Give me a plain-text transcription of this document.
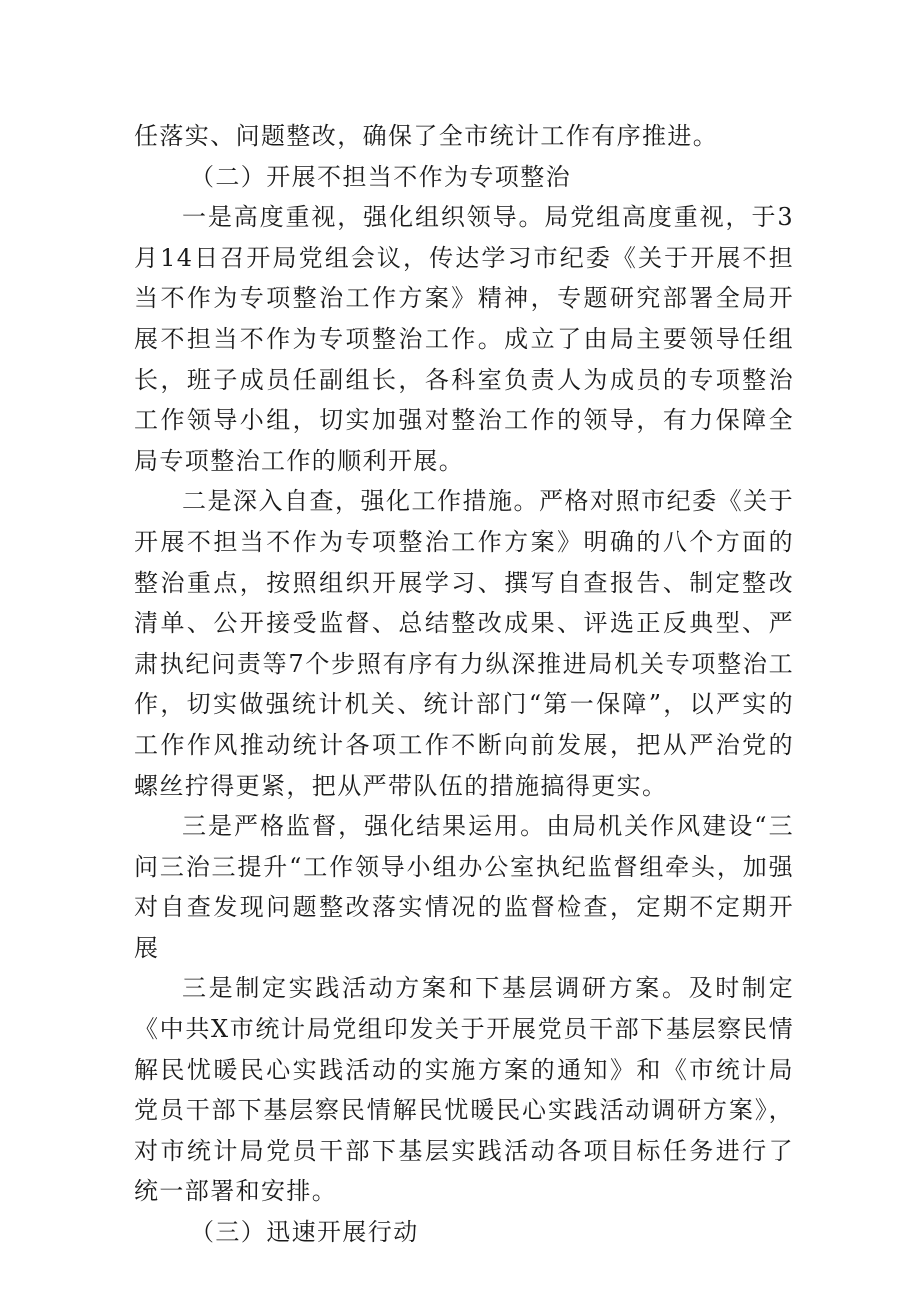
任落实、问题整改，确保了全市统计工作有序推进。

（二）开展不担当不作为专项整治

一是高度重视，强化组织领导。局党组高度重视，于3月14日召开局党组会议，传达学习市纪委《关于开展不担当不作为专项整治工作方案》精神，专题研究部署全局开展不担当不作为专项整治工作。成立了由局主要领导任组长，班子成员任副组长，各科室负责人为成员的专项整治工作领导小组，切实加强对整治工作的领导，有力保障全局专项整治工作的顺利开展。

二是深入自查，强化工作措施。严格对照市纪委《关于开展不担当不作为专项整治工作方案》明确的八个方面的整治重点，按照组织开展学习、撰写自查报告、制定整改清单、公开接受监督、总结整改成果、评选正反典型、严肃执纪问责等7个步照有序有力纵深推进局机关专项整治工作，切实做强统计机关、统计部门“第一保障”，以严实的工作作风推动统计各项工作不断向前发展，把从严治党的螺丝拧得更紧，把从严带队伍的措施搞得更实。

三是严格监督，强化结果运用。由局机关作风建设“三问三治三提升“工作领导小组办公室执纪监督组牵头，加强对自查发现问题整改落实情况的监督检查，定期不定期开展

三是制定实践活动方案和下基层调研方案。及时制定《中共X市统计局党组印发关于开展党员干部下基层察民情解民忧暖民心实践活动的实施方案的通知》和《市统计局党员干部下基层察民情解民忧暖民心实践活动调研方案》，对市统计局党员干部下基层实践活动各项目标任务进行了统一部署和安排。

（三）迅速开展行动
